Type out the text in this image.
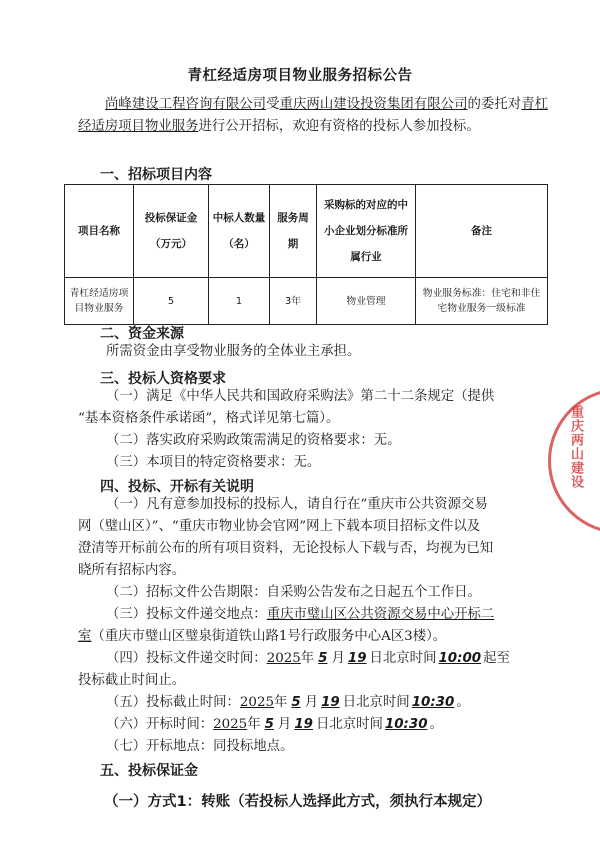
青杠经适房项目物业服务招标公告
尚峰建设工程咨询有限公司受重庆两山建设投资集团有限公司的委托对青杠经适房项目物业服务进行公开招标，欢迎有资格的投标人参加投标。
一、招标项目内容
项目名称	投标保证金（万元）	中标人数量（名）	服务周期	采购标的对应的中小企业划分标准所属行业	备注
青杠经适房项目物业服务	5	1	3年	物业管理	物业服务标准：住宅和非住宅物业服务一级标准
二、资金来源
所需资金由享受物业服务的全体业主承担。
三、投标人资格要求
（一）满足《中华人民共和国政府采购法》第二十二条规定（提供
“基本资格条件承诺函”，格式详见第七篇）。
（二）落实政府采购政策需满足的资格要求：无。
（三）本项目的特定资格要求：无。
四、投标、开标有关说明
（一）凡有意参加投标的投标人，请自行在“重庆市公共资源交易
网（璧山区）”、“重庆市物业协会官网”网上下载本项目招标文件以及
澄清等开标前公布的所有项目资料，无论投标人下载与否，均视为已知
晓所有招标内容。
（二）招标文件公告期限：自采购公告发布之日起五个工作日。
（三）投标文件递交地点：重庆市璧山区公共资源交易中心开标二
室（重庆市璧山区璧泉街道铁山路1号行政服务中心A区3楼）。
（四）投标文件递交时间：2025年 5 月 19 日北京时间 10:00 起至
投标截止时间止。
（五）投标截止时间：2025年 5 月 19 日北京时间 10:30 。
（六）开标时间：2025年 5 月 19 日北京时间 10:30 。
重庆两山建设
（七）开标地点：同投标地点。
五、投标保证金
（一）方式1：转账（若投标人选择此方式，须执行本规定）
